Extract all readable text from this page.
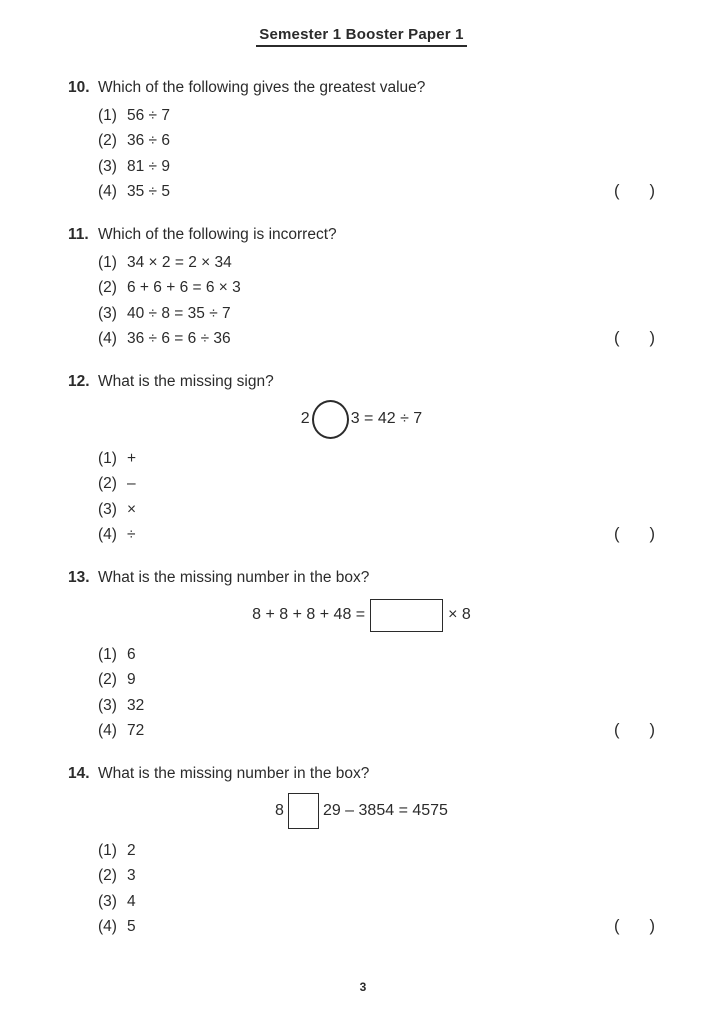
Semester 1 Booster Paper 1
10. Which of the following gives the greatest value?
(1) 56 ÷ 7
(2) 36 ÷ 6
(3) 81 ÷ 9
(4) 35 ÷ 5	( )
11. Which of the following is incorrect?
(1) 34 × 2 = 2 × 34
(2) 6 + 6 + 6 = 6 × 3
(3) 40 ÷ 8 = 35 ÷ 7
(4) 36 ÷ 6 = 6 ÷ 36	( )
12. What is the missing sign?
2	3 = 42 ÷ 7
(1) +
(2) –
(3) ×
(4) ÷	( )
13. What is the missing number in the box?
8 + 8 + 8 + 48 =	× 8
(1) 6
(2) 9
(3) 32
(4) 72	( )
14. What is the missing number in the box?
8 29 – 3854 = 4575
(1) 2
(2) 3
(3) 4
(4) 5	( )
3
